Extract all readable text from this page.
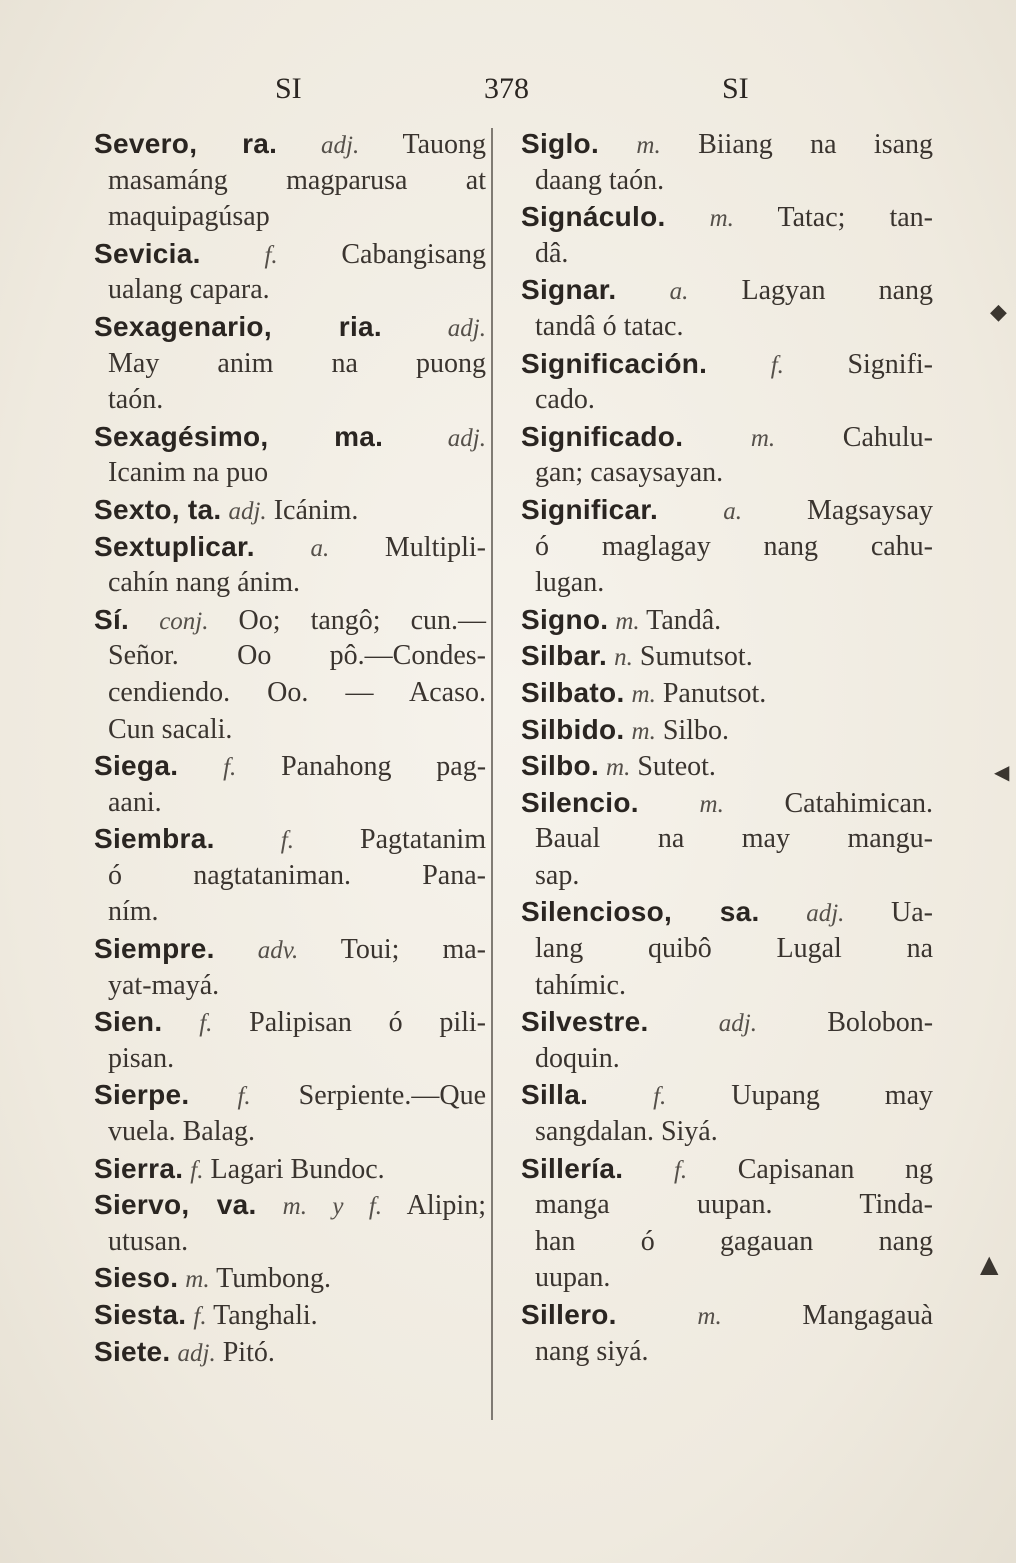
SI	378	SI
Severo, ra. adj. Tauong
masamáng magparusa at
maquipagúsap
Sevicia.	f. Cabangisang
ualang capara.
Sexagenario, ria.	adj.
May anim na puong
taón.
Sexagésimo, ma.	adj.
Icanim na puo
Sexto, ta. adj. Icánim.
Sextuplicar. a. Multipli-
cahín nang ánim.
Sí. conj. Oo; tangô; cun.—
Señor. Oo pô.—Condes-
cendiendo. Oo. — Acaso.
Cun sacali.
Siega. f. Panahong pag-
aani.
Siembra.	f. Pagtatanim
ó nagtataniman. Pana-
ním.
Siempre. adv. Toui; ma-
yat-mayá.
Sien. f. Palipisan ó pili-
pisan.
Sierpe. f. Serpiente.—Que
vuela. Balag.
Sierra. f. Lagari Bundoc.
Siervo, va. m. y f. Alipin;
utusan.
Sieso. m. Tumbong.
Siesta. f. Tanghali.
Siete. adj. Pitó.
Siglo. m. Biiang na isang
daang taón.
Signáculo. m. Tatac; tan-
dâ.
Signar. a. Lagyan nang
tandâ ó tatac.
Significación.	f. Signifi-
cado.
Significado.	m. Cahulu-
gan; casaysayan.
Significar.	a. Magsaysay
ó maglagay nang cahu-
lugan.
Signo. m. Tandâ.
Silbar. n. Sumutsot.
Silbato. m. Panutsot.
Silbido. m. Silbo.
Silbo. m. Suteot.
Silencio. m. Catahimican.
Baual na may mangu-
sap.
Silencioso, sa. adj. Ua-
lang quibô Lugal na
tahímic.
Silvestre.	adj.	Bolobon-
doquin.
Silla.	f. Uupang may
sangdalan. Siyá.
Sillería. f. Capisanan ng
manga uupan. Tinda-
han ó gagauan nang
uupan.
Sillero.	m.	Mangagauà
nang siyá.
◆
◀
▲
